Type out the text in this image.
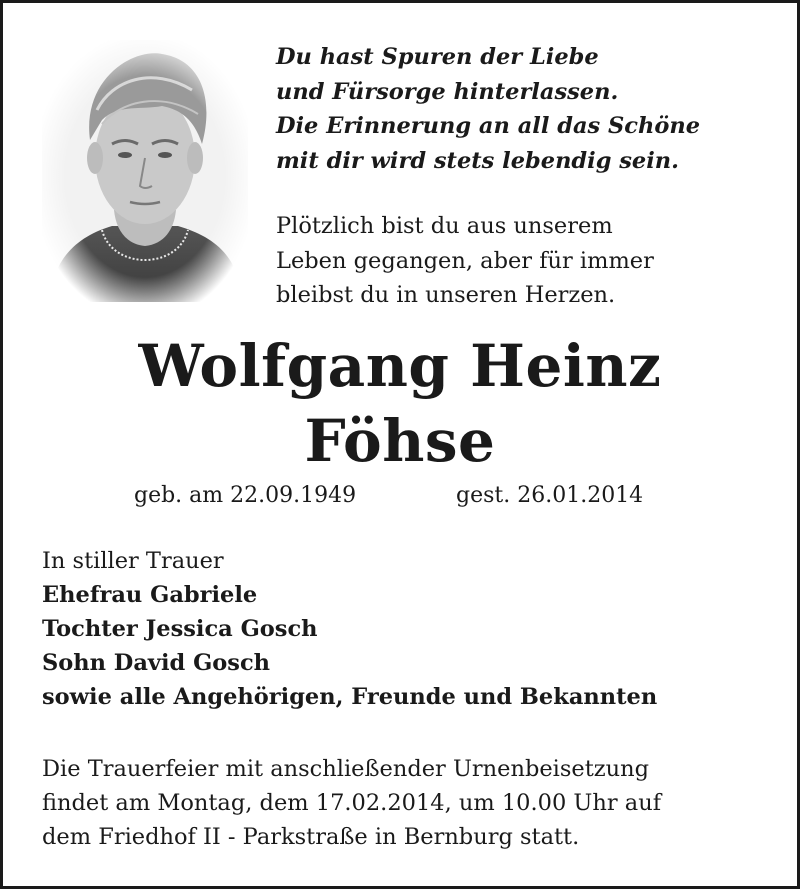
Du hast Spuren der Liebe
und Fürsorge hinterlassen.
Die Erinnerung an all das Schöne
mit dir wird stets lebendig sein.
Plötzlich bist du aus unserem
Leben gegangen, aber für immer
bleibst du in unseren Herzen.
Wolfgang Heinz
Föhse
geb. am 22.09.1949	gest. 26.01.2014
In stiller Trauer
Ehefrau Gabriele
Tochter Jessica Gosch
Sohn David Gosch
sowie alle Angehörigen, Freunde und Bekannten
Die Trauerfeier mit anschließender Urnenbeisetzung
findet am Montag, dem 17.02.2014, um 10.00 Uhr auf
dem Friedhof II - Parkstraße in Bernburg statt.
